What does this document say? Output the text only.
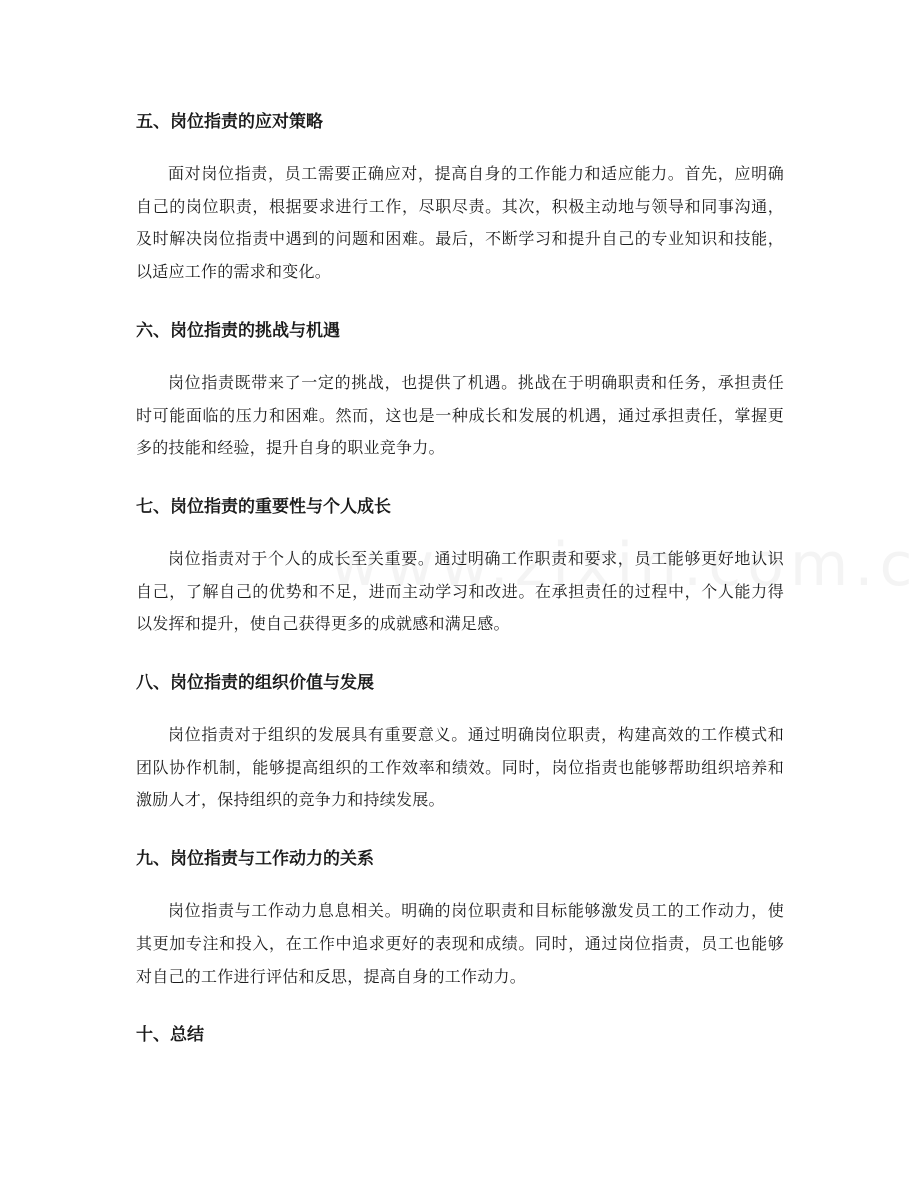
五、岗位指责的应对策略

面对岗位指责，员工需要正确应对，提高自身的工作能力和适应能力。首先，应明确自己的岗位职责，根据要求进行工作，尽职尽责。其次，积极主动地与领导和同事沟通，及时解决岗位指责中遇到的问题和困难。最后，不断学习和提升自己的专业知识和技能，以适应工作的需求和变化。

六、岗位指责的挑战与机遇

岗位指责既带来了一定的挑战，也提供了机遇。挑战在于明确职责和任务，承担责任时可能面临的压力和困难。然而，这也是一种成长和发展的机遇，通过承担责任，掌握更多的技能和经验，提升自身的职业竞争力。

七、岗位指责的重要性与个人成长

岗位指责对于个人的成长至关重要。通过明确工作职责和要求，员工能够更好地认识自己，了解自己的优势和不足，进而主动学习和改进。在承担责任的过程中，个人能力得以发挥和提升，使自己获得更多的成就感和满足感。

八、岗位指责的组织价值与发展

岗位指责对于组织的发展具有重要意义。通过明确岗位职责，构建高效的工作模式和团队协作机制，能够提高组织的工作效率和绩效。同时，岗位指责也能够帮助组织培养和激励人才，保持组织的竞争力和持续发展。

九、岗位指责与工作动力的关系

岗位指责与工作动力息息相关。明确的岗位职责和目标能够激发员工的工作动力，使其更加专注和投入，在工作中追求更好的表现和成绩。同时，通过岗位指责，员工也能够对自己的工作进行评估和反思，提高自身的工作动力。

十、总结
